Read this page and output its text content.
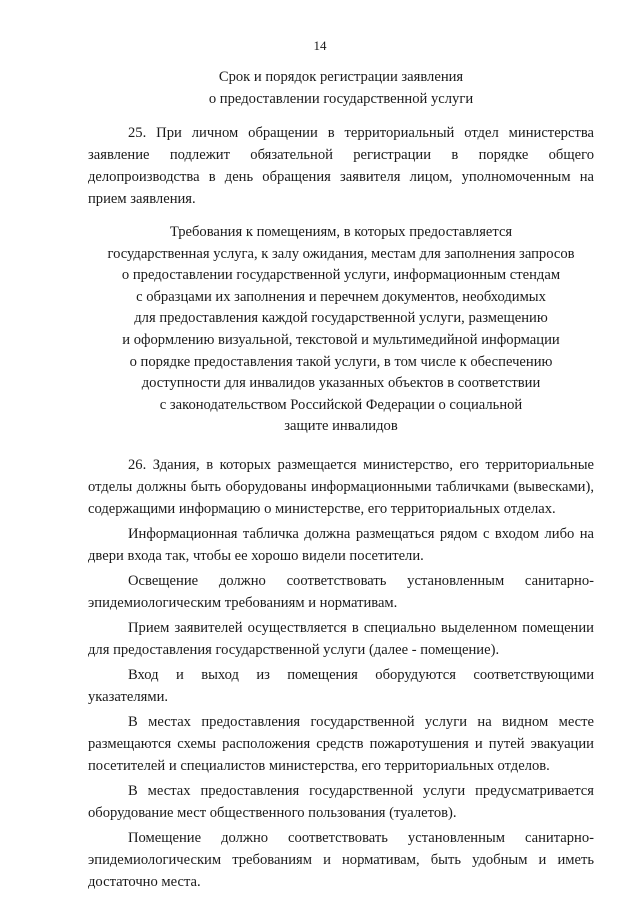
14
Срок и порядок регистрации заявления
о предоставлении государственной услуги

25. При личном обращении в территориальный отдел министерства заявление подлежит обязательной регистрации в порядке общего делопроизводства в день обращения заявителя лицом, уполномоченным на прием заявления.

Требования к помещениям, в которых предоставляется
государственная услуга, к залу ожидания, местам для заполнения запросов
о предоставлении государственной услуги, информационным стендам
с образцами их заполнения и перечнем документов, необходимых
для предоставления каждой государственной услуги, размещению
и оформлению визуальной, текстовой и мультимедийной информации
о порядке предоставления такой услуги, в том числе к обеспечению
доступности для инвалидов указанных объектов в соответствии
с законодательством Российской Федерации о социальной
защите инвалидов

26. Здания, в которых размещается министерство, его территориальные отделы должны быть оборудованы информационными табличками (вывесками), содержащими информацию о министерстве, его территориальных отделах.

Информационная табличка должна размещаться рядом с входом либо на двери входа так, чтобы ее хорошо видели посетители.

Освещение должно соответствовать установленным санитарно-эпидемиологическим требованиям и нормативам.

Прием заявителей осуществляется в специально выделенном помещении для предоставления государственной услуги (далее - помещение).

Вход и выход из помещения оборудуются соответствующими указателями.

В местах предоставления государственной услуги на видном месте размещаются схемы расположения средств пожаротушения и путей эвакуации посетителей и специалистов министерства, его территориальных отделов.

В местах предоставления государственной услуги предусматривается оборудование мест общественного пользования (туалетов).

Помещение должно соответствовать установленным санитарно-эпидемиологическим требованиям и нормативам, быть удобным и иметь достаточно места.
